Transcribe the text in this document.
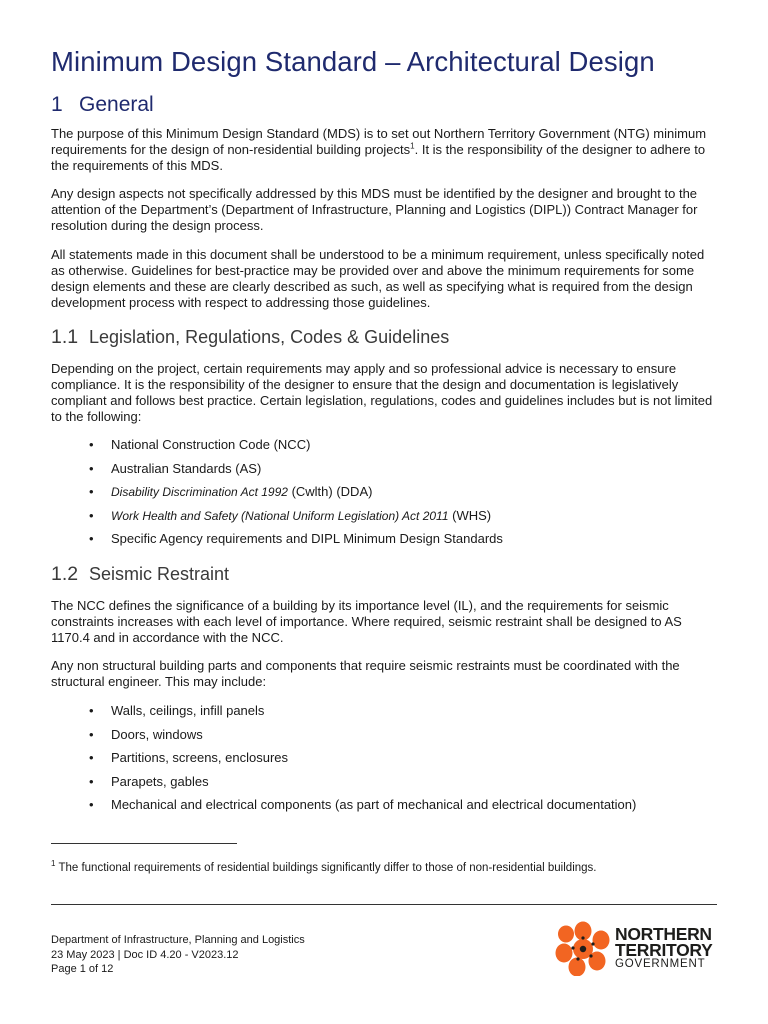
Minimum Design Standard – Architectural Design
1 General

The purpose of this Minimum Design Standard (MDS) is to set out Northern Territory Government (NTG) minimum requirements for the design of non-residential building projects$^1$. It is the responsibility of the designer to adhere to the requirements of this MDS.

Any design aspects not specifically addressed by this MDS must be identified by the designer and brought to the attention of the Department’s (Department of Infrastructure, Planning and Logistics (DIPL)) Contract Manager for resolution during the design process.

All statements made in this document shall be understood to be a minimum requirement, unless specifically noted as otherwise. Guidelines for best-practice may be provided over and above the minimum requirements for some design elements and these are clearly described as such, as well as specifying what is required from the design development process with respect to addressing those guidelines.

1.1 Legislation, Regulations, Codes & Guidelines

Depending on the project, certain requirements may apply and so professional advice is necessary to ensure compliance. It is the responsibility of the designer to ensure that the design and documentation is legislatively compliant and follows best practice. Certain legislation, regulations, codes and guidelines includes but is not limited to the following:

• National Construction Code (NCC)
• Australian Standards (AS)
• Disability Discrimination Act 1992 (Cwlth) (DDA)
• Work Health and Safety (National Uniform Legislation) Act 2011 (WHS)
• Specific Agency requirements and DIPL Minimum Design Standards
1.2 Seismic Restraint

The NCC defines the significance of a building by its importance level (IL), and the requirements for seismic constraints increases with each level of importance. Where required, seismic restraint shall be designed to AS 1170.4 and in accordance with the NCC.

Any non structural building parts and components that require seismic restraints must be coordinated with the structural engineer. This may include:

• Walls, ceilings, infill panels
• Doors, windows
• Partitions, screens, enclosures
• Parapets, gables
• Mechanical and electrical components (as part of mechanical and electrical documentation)
$^1$ The functional requirements of residential buildings significantly differ to those of non-residential buildings.
Department of Infrastructure, Planning and Logistics
23 May 2023 | Doc ID 4.20 - V2023.12
Page 1 of 12
NORTHERN
TERRITORY
GOVERNMENT
